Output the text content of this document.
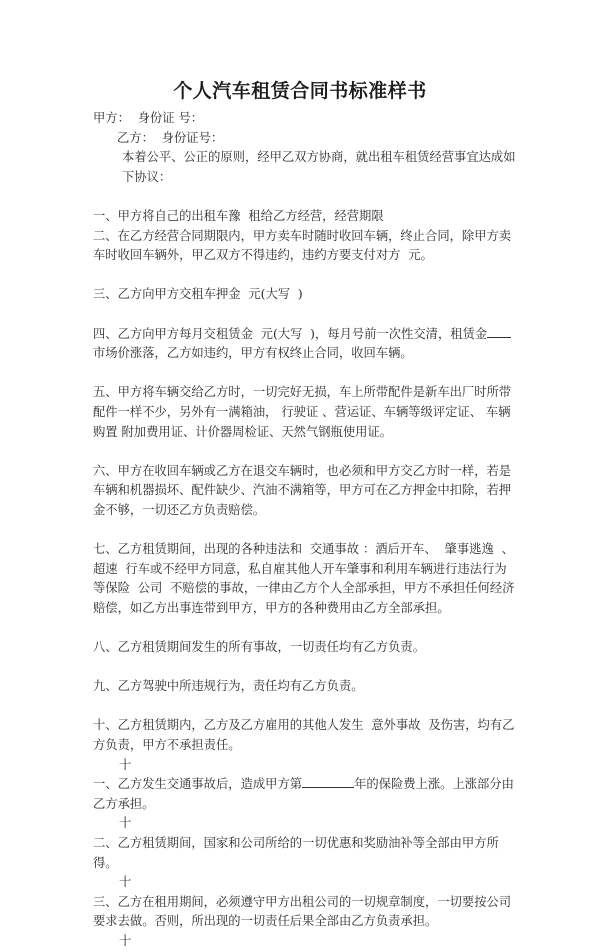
个人汽车租赁合同书标准样书

甲方：  身份证 号：

乙方：  身份证号：

本着公平、公正的原则，经甲乙双方协商，就出租车租赁经营事宜达成如下协议：

一、甲方将自己的出租车豫  租给乙方经营，经营期限

二、在乙方经营合同期限内，甲方卖车时随时收回车辆，终止合同，除甲方卖车时收回车辆外，甲乙双方不得违约，违约方要支付对方  元。

三、乙方向甲方交租车押金  元(大写  )

四、乙方向甲方每月交租赁金  元(大写  )，每月号前一次性交清，租赁金
市场价涨落，乙方如违约，甲方有权终止合同，收回车辆。

五、甲方将车辆交给乙方时，一切完好无损，车上所带配件是新车出厂时所带配件一样不少，另外有一满箱油， 行驶证 、营运证、车辆等级评定证、 车辆购置 附加费用证、计价器周检证、天然气钢瓶使用证。

六、甲方在收回车辆或乙方在退交车辆时，也必须和甲方交乙方时一样，若是车辆和机器损坏、配件缺少、汽油不满箱等，甲方可在乙方押金中扣除，若押金不够，一切还乙方负责赔偿。

七、乙方租赁期间，出现的各种违法和  交通事故 ：酒后开车、  肇事逃逸  、超速  行车或不经甲方同意，私自雇其他人开车肇事和利用车辆进行违法行为等保险  公司  不赔偿的事故，一律由乙方个人全部承担，甲方不承担任何经济赔偿，如乙方出事连带到甲方，甲方的各种费用由乙方全部承担。

八、乙方租赁期间发生的所有事故，一切责任均有乙方负责。

九、乙方驾驶中所违规行为，责任均有乙方负责。

十、乙方租赁期内，乙方及乙方雇用的其他人发生  意外事故  及伤害，均有乙方负责，甲方不承担责任。

十

一、乙方发生交通事故后，造成甲方第	年的保险费上涨。上涨部分由乙方承担。

十

二、乙方租赁期间，国家和公司所给的一切优惠和奖励油补等全部由甲方所得。

十

三、乙方在租用期间，必须遵守甲方出租公司的一切规章制度，一切要按公司要求去做。否则，所出现的一切责任后果全部由乙方负责承担。

十
